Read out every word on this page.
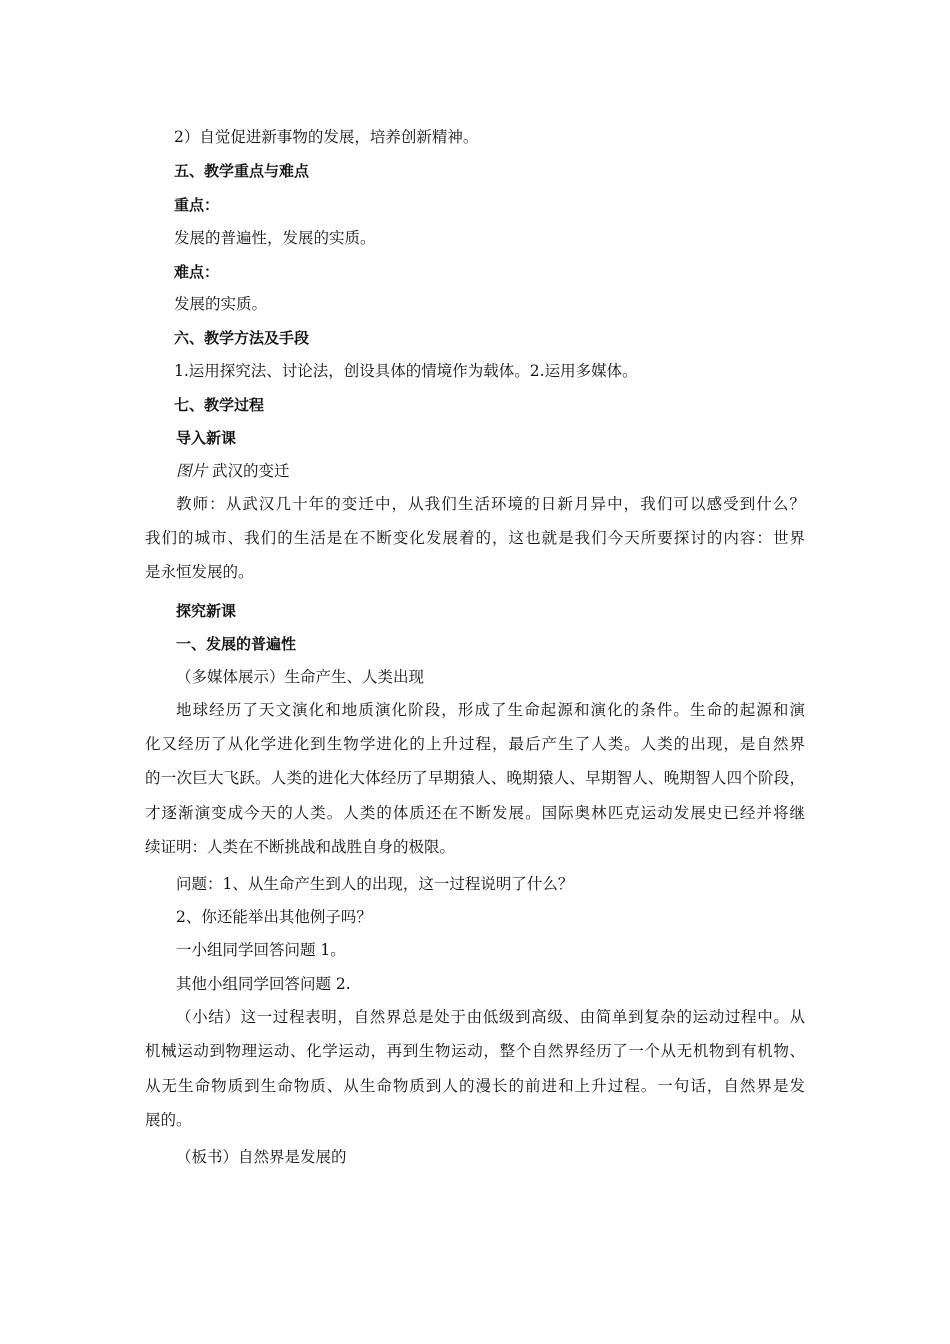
2）自觉促进新事物的发展，培养创新精神。
五、教学重点与难点
重点：
发展的普遍性，发展的实质。
难点：
发展的实质。
六、教学方法及手段
1.运用探究法、讨论法，创设具体的情境作为载体。2.运用多媒体。
七、教学过程
导入新课
图片 武汉的变迁
教师：从武汉几十年的变迁中，从我们生活环境的日新月异中，我们可以感受到什么？
我们的城市、我们的生活是在不断变化发展着的，这也就是我们今天所要探讨的内容：世界
是永恒发展的。
探究新课
一、发展的普遍性
（多媒体展示）生命产生、人类出现
地球经历了天文演化和地质演化阶段，形成了生命起源和演化的条件。生命的起源和演
化又经历了从化学进化到生物学进化的上升过程，最后产生了人类。人类的出现，是自然界
的一次巨大飞跃。人类的进化大体经历了早期猿人、晚期猿人、早期智人、晚期智人四个阶段，
才逐渐演变成今天的人类。人类的体质还在不断发展。国际奥林匹克运动发展史已经并将继
续证明：人类在不断挑战和战胜自身的极限。
问题：1、从生命产生到人的出现，这一过程说明了什么？
2、你还能举出其他例子吗？
一小组同学回答问题 1。
其他小组同学回答问题 2.
（小结）这一过程表明，自然界总是处于由低级到高级、由简单到复杂的运动过程中。从
机械运动到物理运动、化学运动，再到生物运动，整个自然界经历了一个从无机物到有机物、
从无生命物质到生命物质、从生命物质到人的漫长的前进和上升过程。一句话，自然界是发
展的。
（板书）自然界是发展的
